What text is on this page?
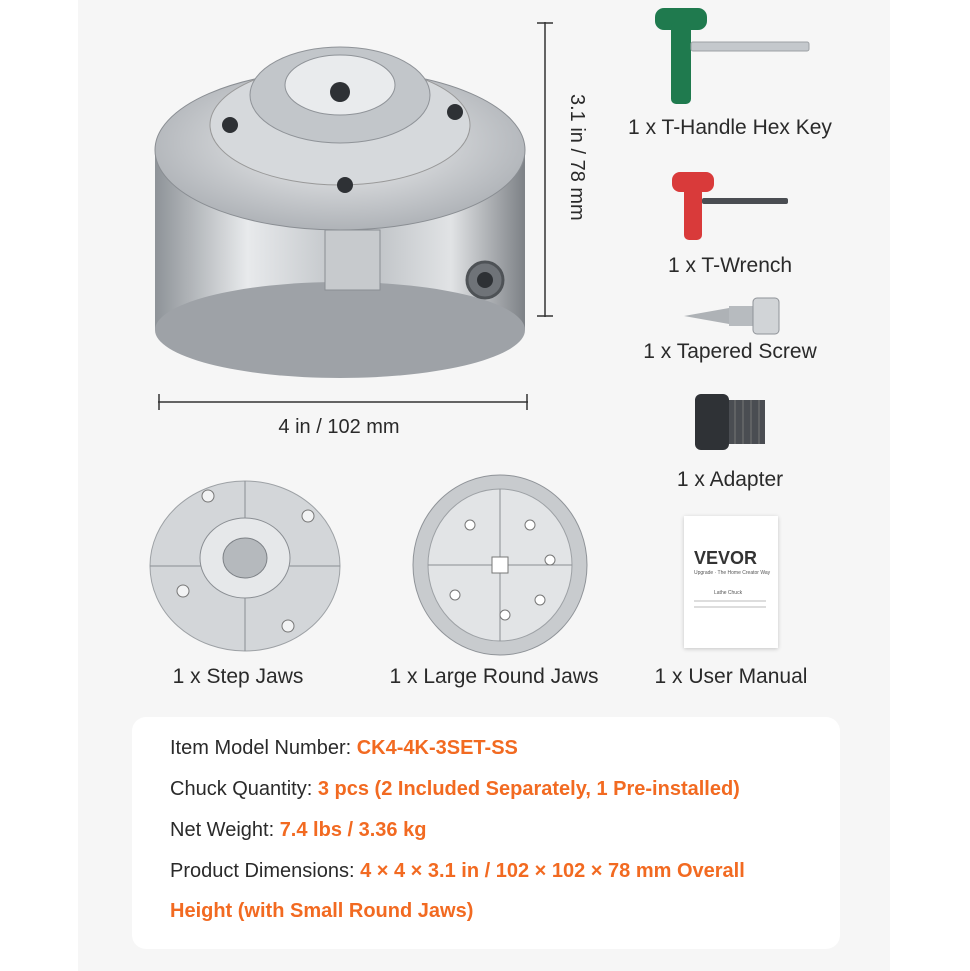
3.1 in / 78 mm
4 in / 102 mm
1 x T-Handle Hex Key
1 x T-Wrench
1 x Tapered Screw
1 x Adapter
VEVOR
Upgrade · The Home Creator Way
Lathe Chuck
1 x User Manual
1 x Step Jaws	1 x Large Round Jaws
Item Model Number: CK4-4K-3SET-SS
Chuck Quantity: 3 pcs (2 Included Separately, 1 Pre-installed)
Net Weight: 7.4 lbs / 3.36 kg
Product Dimensions: 4 × 4 × 3.1 in / 102 × 102 × 78 mm Overall
Height (with Small Round Jaws)
